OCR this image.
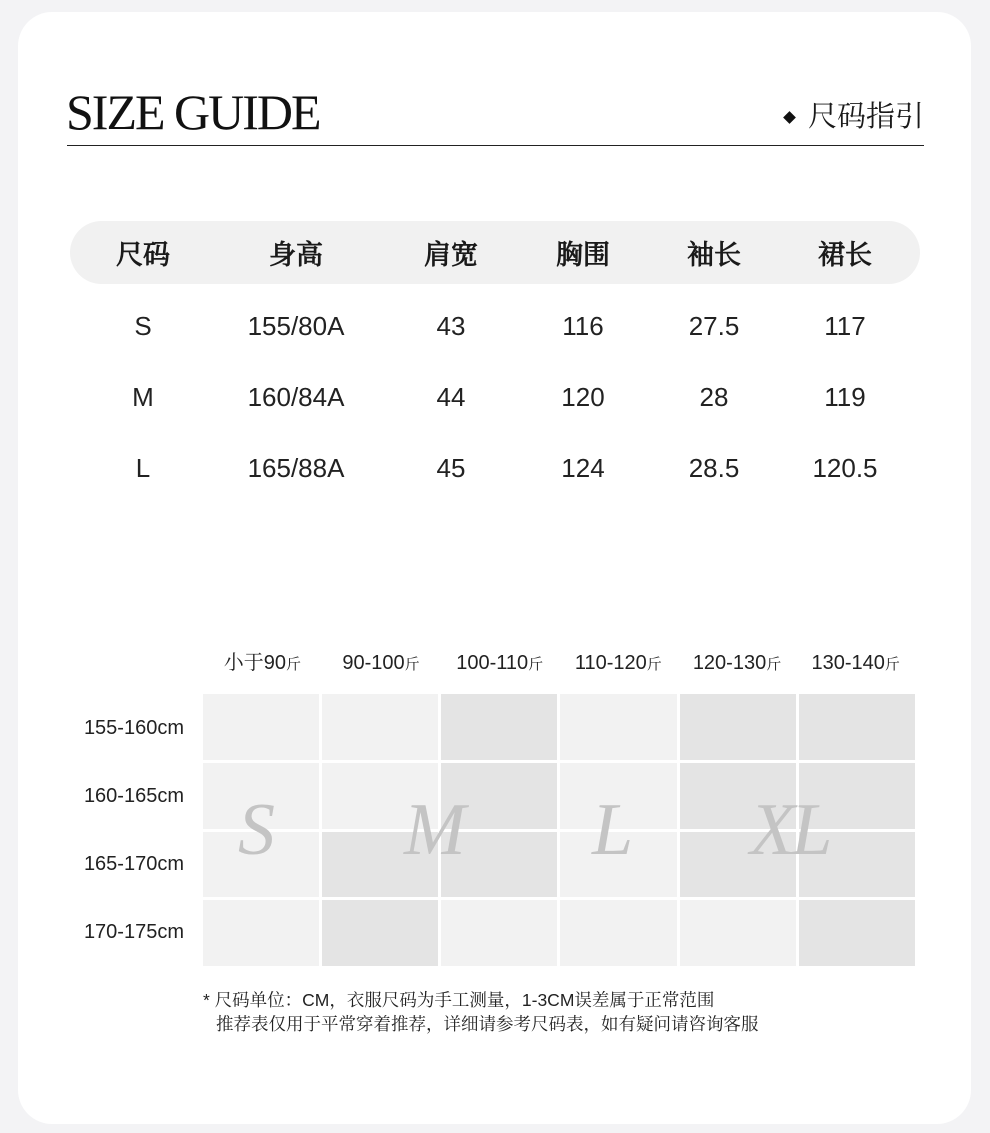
SIZE GUIDE	尺码指引
尺码	身高	肩宽	胸围	袖长	裙长
S	155/80A	43	116	27.5	117
M	160/84A	44	120	28	119
L	165/88A	45	124	28.5	120.5
小于90斤	90-100斤	100-110斤	110-120斤	120-130斤	130-140斤
155-160cm
160-165cm
165-170cm
170-175cm
S M L XL
* 尺码单位：CM，衣服尺码为手工测量，1-3CM误差属于正常范围
推荐表仅用于平常穿着推荐，详细请参考尺码表，如有疑问请咨询客服
